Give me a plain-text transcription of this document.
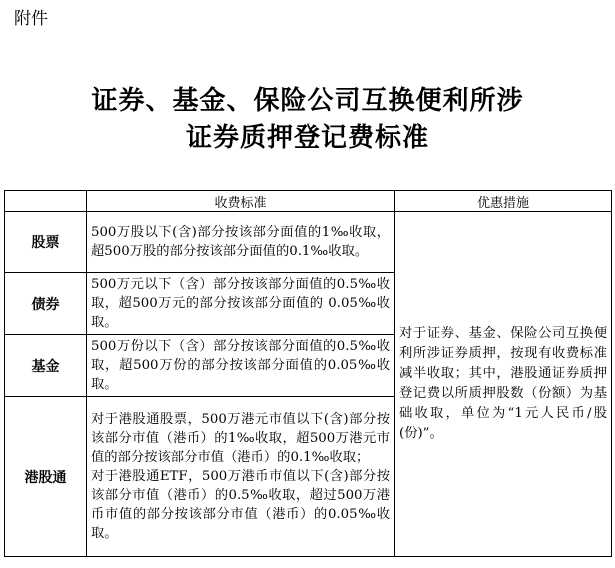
附件
证券、基金、保险公司互换便利所涉
证券质押登记费标准
	收费标准	优惠措施
股票	500万股以下(含)部分按该部分面值的1‰收取，超500万股的部分按该部分面值的0.1‰收取。	对于证券、基金、保险公司互换便利所涉证券质押，按现有收费标准减半收取；其中，港股通证券质押登记费以所质押股数（份额）为基础收取，单位为“1元人民币/股(份)”。
债券	500万元以下（含）部分按该部分面值的0.5‰收取，超500万元的部分按该部分面值的 0.05‰收取。	
基金	500万份以下（含）部分按该部分面值的0.5‰收取，超500万份的部分按该部分面值的0.05‰收取。	
港股通	对于港股通股票，500万港元市值以下(含)部分按该部分市值（港币）的1‰收取，超500万港元市值的部分按该部分市值（港币）的0.1‰收取；
对于港股通ETF，500万港币市值以下(含)部分按该部分市值（港币）的0.5‰收取，超过500万港币市值的部分按该部分市值（港币）的0.05‰收取。	
